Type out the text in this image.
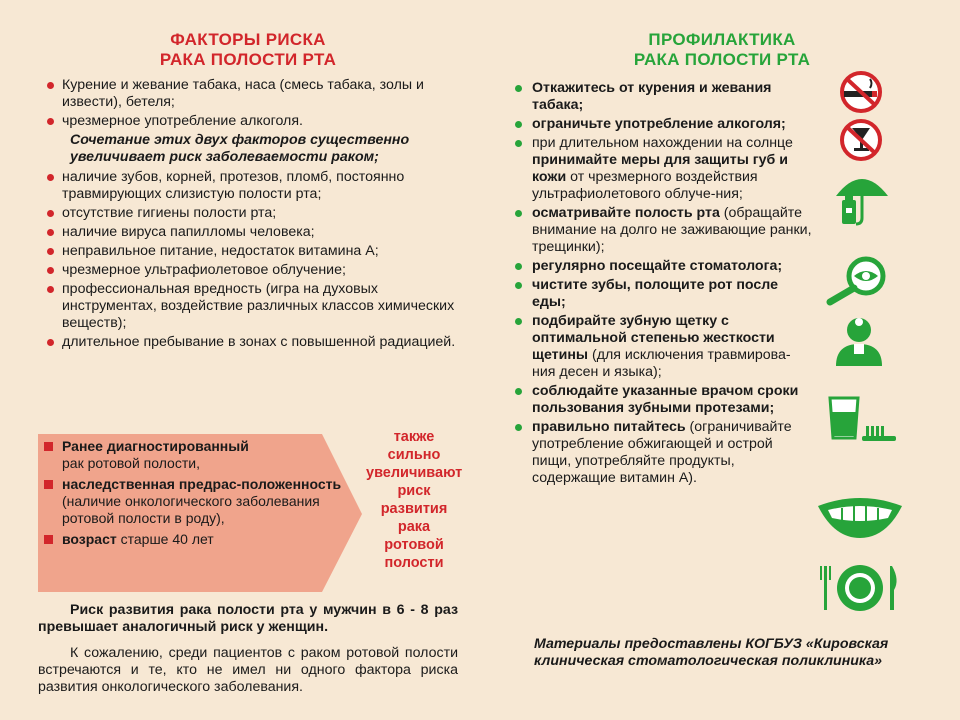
ФАКТОРЫ РИСКА
РАКА ПОЛОСТИ РТА
Курение и жевание табака, наса (смесь табака, золы и извести), бетеля;
чрезмерное употребление алкоголя.
Сочетание этих двух факторов существенно увеличивает риск заболеваемости раком;
наличие зубов, корней, протезов, пломб, постоянно травмирующих слизистую полости рта;
отсутствие гигиены полости рта;
наличие вируса папилломы человека;
неправильное питание, недостаток витамина А;
чрезмерное ультрафиолетовое облучение;
профессиональная вредность (игра на духовых инструментах, воздействие различных классов химических веществ);
длительное пребывание в зонах с повышенной радиацией.
Ранее диагностированный
рак ротовой полости,
наследственная предрас-положенность (наличие онкологического заболевания ротовой полости в роду),
возраст старше 40 лет
также
сильно
увеличивают
риск
развития
рака
ротовой
полости

Риск развития рака полости рта у мужчин в 6 - 8 раз превышает аналогичный риск у женщин.

К сожалению, среди пациентов с раком ротовой полости встречаются и те, кто не имел ни одного фактора риска развития онкологического заболевания.

ПРОФИЛАКТИКА
РАКА ПОЛОСТИ РТА
Откажитесь от курения и жевания табака;
ограничьте употребление алкоголя;
при длительном нахождении на солнце принимайте меры для защиты губ и кожи от чрезмерного воздействия ультрафиолетового облуче-ния;
осматривайте полость рта (обращайте внимание на долго не заживающие ранки, трещинки);
регулярно посещайте стоматолога;
чистите зубы, полощите рот после еды;
подбирайте зубную щетку с оптимальной степенью жесткости щетины (для исключения травмирова-ния десен и языка);
соблюдайте указанные врачом сроки пользования зубными протезами;
правильно питайтесь (ограничивайте употребление обжигающей и острой пищи, употребляйте продукты, содержащие витамин А).
Материалы предоставлены КОГБУЗ «Кировская клиническая стоматологическая поликлиника»
